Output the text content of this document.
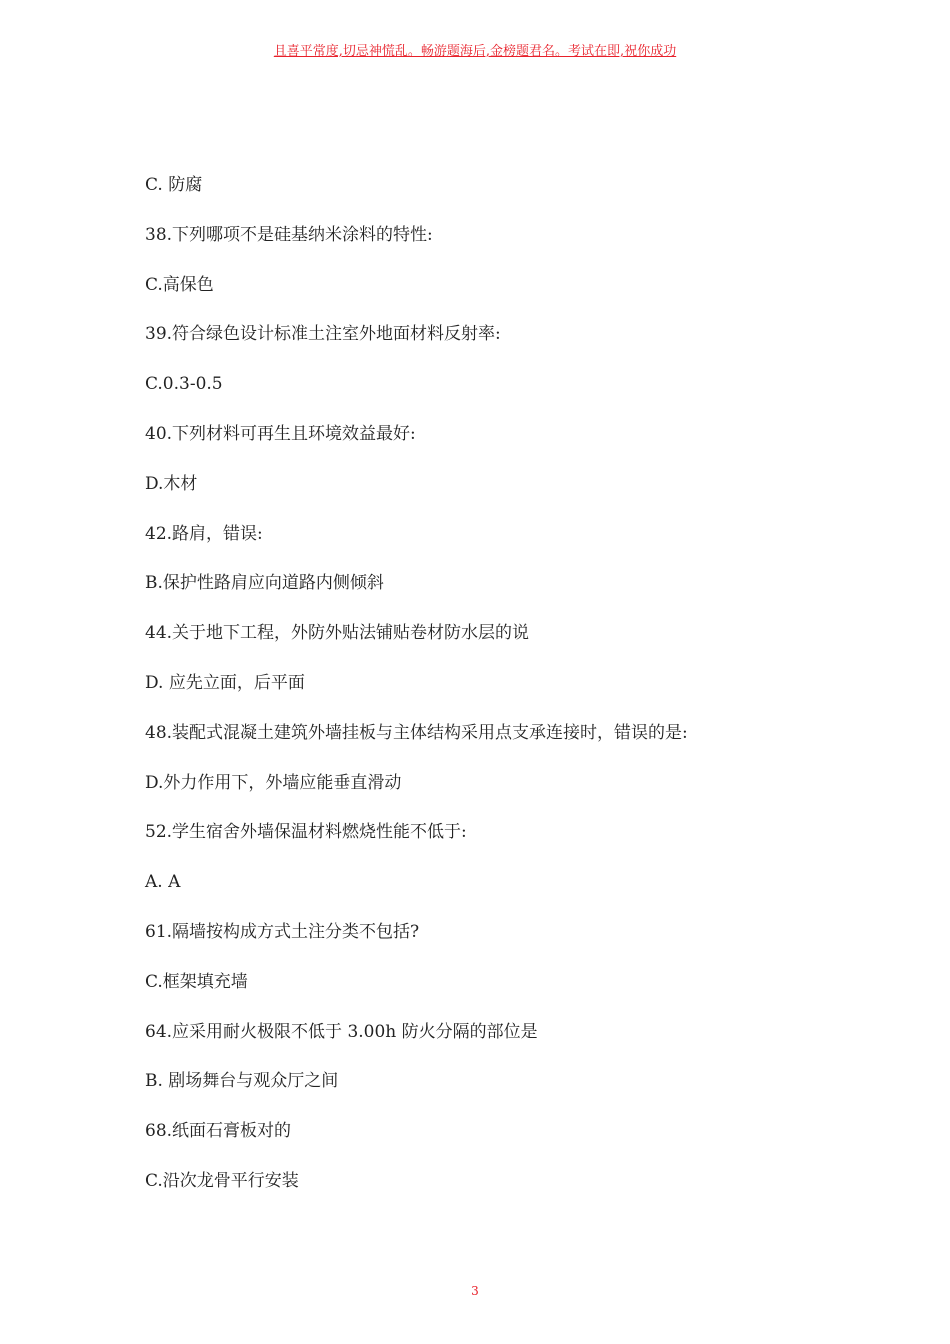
且喜平常度,切忌神慌乱。畅游题海后,金榜题君名。考试在即,祝你成功
C. 防腐
38.下列哪项不是硅基纳米涂料的特性:
C.高保色
39.符合绿色设计标准土注室外地面材料反射率:
C.0.3-0.5
40.下列材料可再生且环境效益最好:
D.木材
42.路肩，错误:
B.保护性路肩应向道路内侧倾斜
44.关于地下工程，外防外贴法铺贴卷材防水层的说
D. 应先立面，后平面
48.装配式混凝土建筑外墙挂板与主体结构采用点支承连接时，错误的是:
D.外力作用下，外墙应能垂直滑动
52.学生宿舍外墙保温材料燃烧性能不低于:
A. A
61.隔墙按构成方式土注分类不包括?
C.框架填充墙
64.应采用耐火极限不低于 3.00h 防火分隔的部位是
B. 剧场舞台与观众厅之间
68.纸面石膏板对的
C.沿次龙骨平行安装
3
